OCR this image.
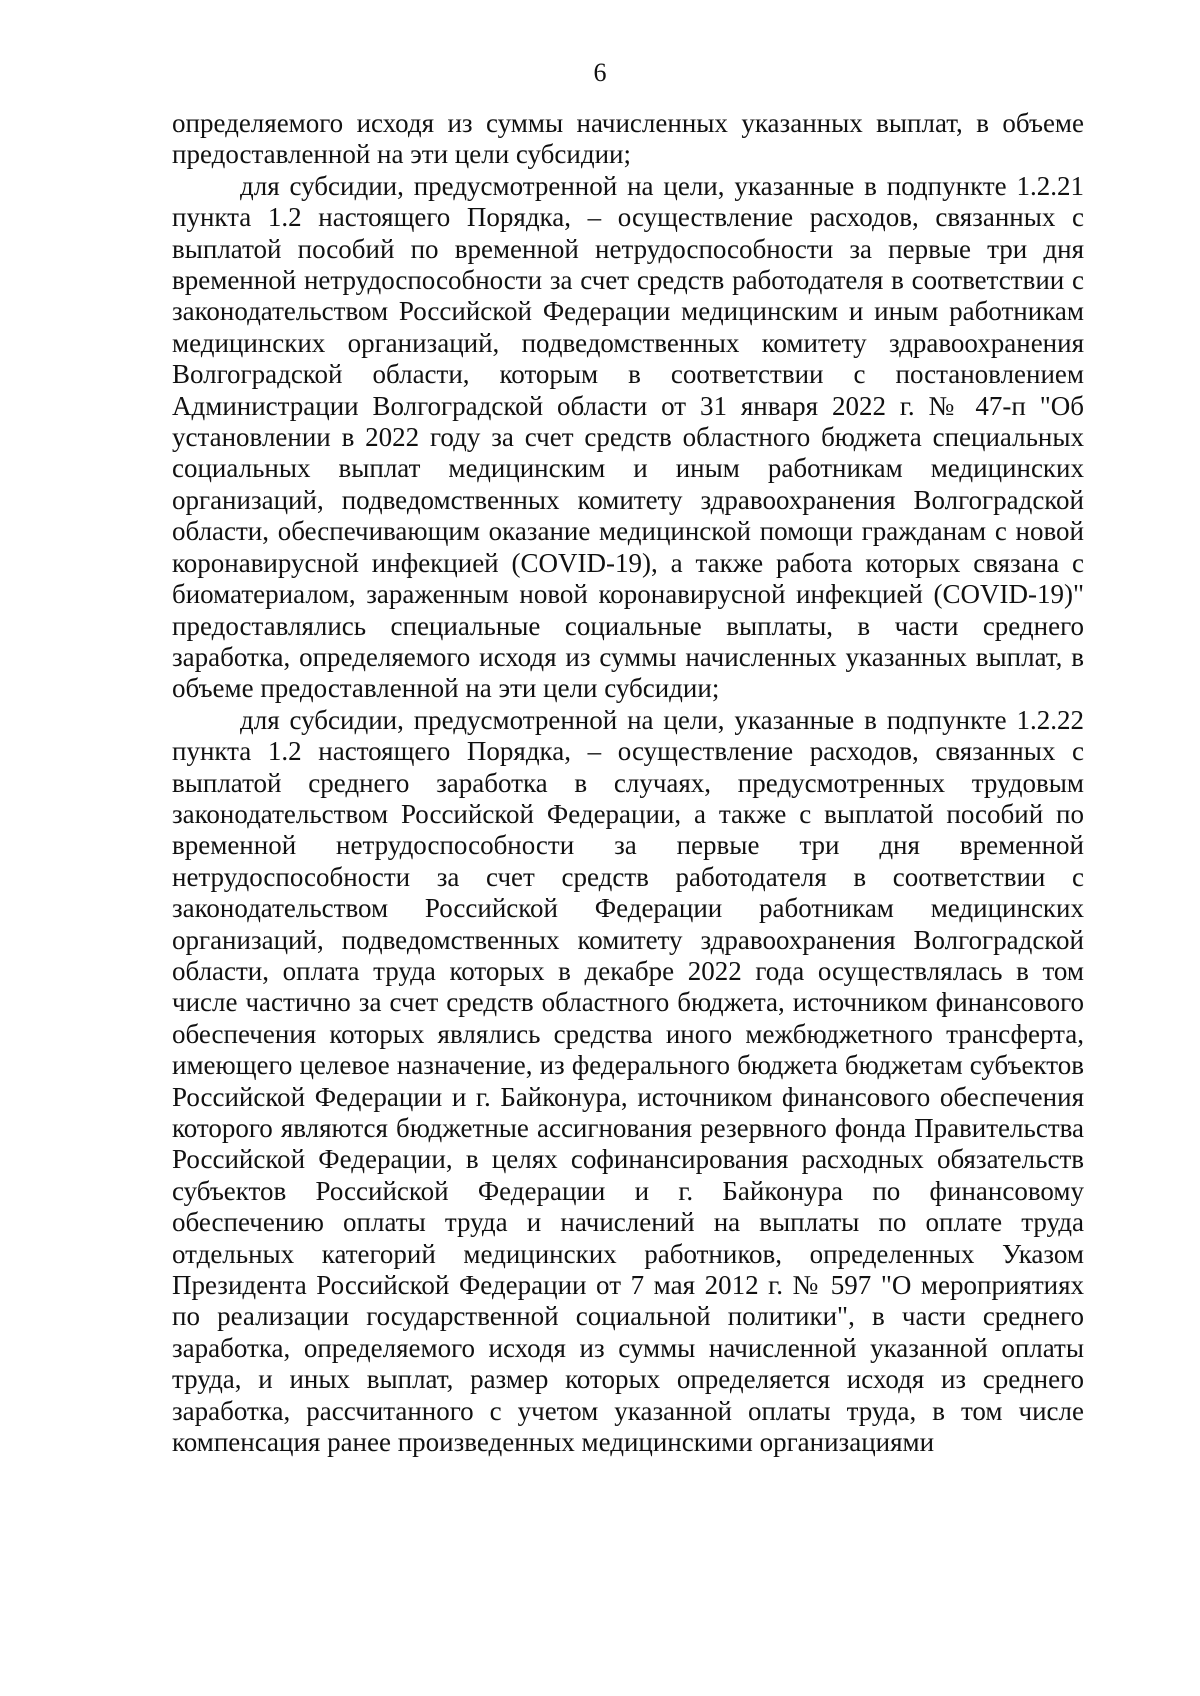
6

определяемого исходя из суммы начисленных указанных выплат, в объеме предоставленной на эти цели субсидии;

для субсидии, предусмотренной на цели, указанные в подпункте 1.2.21 пункта 1.2 настоящего Порядка, – осуществление расходов, связанных с выплатой пособий по временной нетрудоспособности за первые три дня временной нетрудоспособности за счет средств работодателя в соответствии с законодательством Российской Федерации медицинским и иным работникам медицинских организаций, подведомственных комитету здравоохранения Волгоградской области, которым в соответствии с постановлением Администрации Волгоградской области от 31 января 2022 г. № 47-п "Об установлении в 2022 году за счет средств областного бюджета специальных социальных выплат медицинским и иным работникам медицинских организаций, подведомственных комитету здравоохранения Волгоградской области, обеспечивающим оказание медицинской помощи гражданам с новой коронавирусной инфекцией (COVID-19), а также работа которых связана с биоматериалом, зараженным новой коронавирусной инфекцией (COVID-19)" предоставлялись специальные социальные выплаты, в части среднего заработка, определяемого исходя из суммы начисленных указанных выплат, в объеме предоставленной на эти цели субсидии;

для субсидии, предусмотренной на цели, указанные в подпункте 1.2.22 пункта 1.2 настоящего Порядка, – осуществление расходов, связанных с выплатой среднего заработка в случаях, предусмотренных трудовым законодательством Российской Федерации, а также с выплатой пособий по временной нетрудоспособности за первые три дня временной нетрудоспособности за счет средств работодателя в соответствии с законодательством Российской Федерации работникам медицинских организаций, подведомственных комитету здравоохранения Волгоградской области, оплата труда которых в декабре 2022 года осуществлялась в том числе частично за счет средств областного бюджета, источником финансового обеспечения которых являлись средства иного межбюджетного трансферта, имеющего целевое назначение, из федерального бюджета бюджетам субъектов Российской Федерации и г. Байконура, источником финансового обеспечения которого являются бюджетные ассигнования резервного фонда Правительства Российской Федерации, в целях софинансирования расходных обязательств субъектов Российской Федерации и г. Байконура по финансовому обеспечению оплаты труда и начислений на выплаты по оплате труда отдельных категорий медицинских работников, определенных Указом Президента Российской Федерации от 7 мая 2012 г. № 597 "О мероприятиях по реализации государственной социальной политики", в части среднего заработка, определяемого исходя из суммы начисленной указанной оплаты труда, и иных выплат, размер которых определяется исходя из среднего заработка, рассчитанного с учетом указанной оплаты труда, в том числе компенсация ранее произведенных медицинскими организациями
